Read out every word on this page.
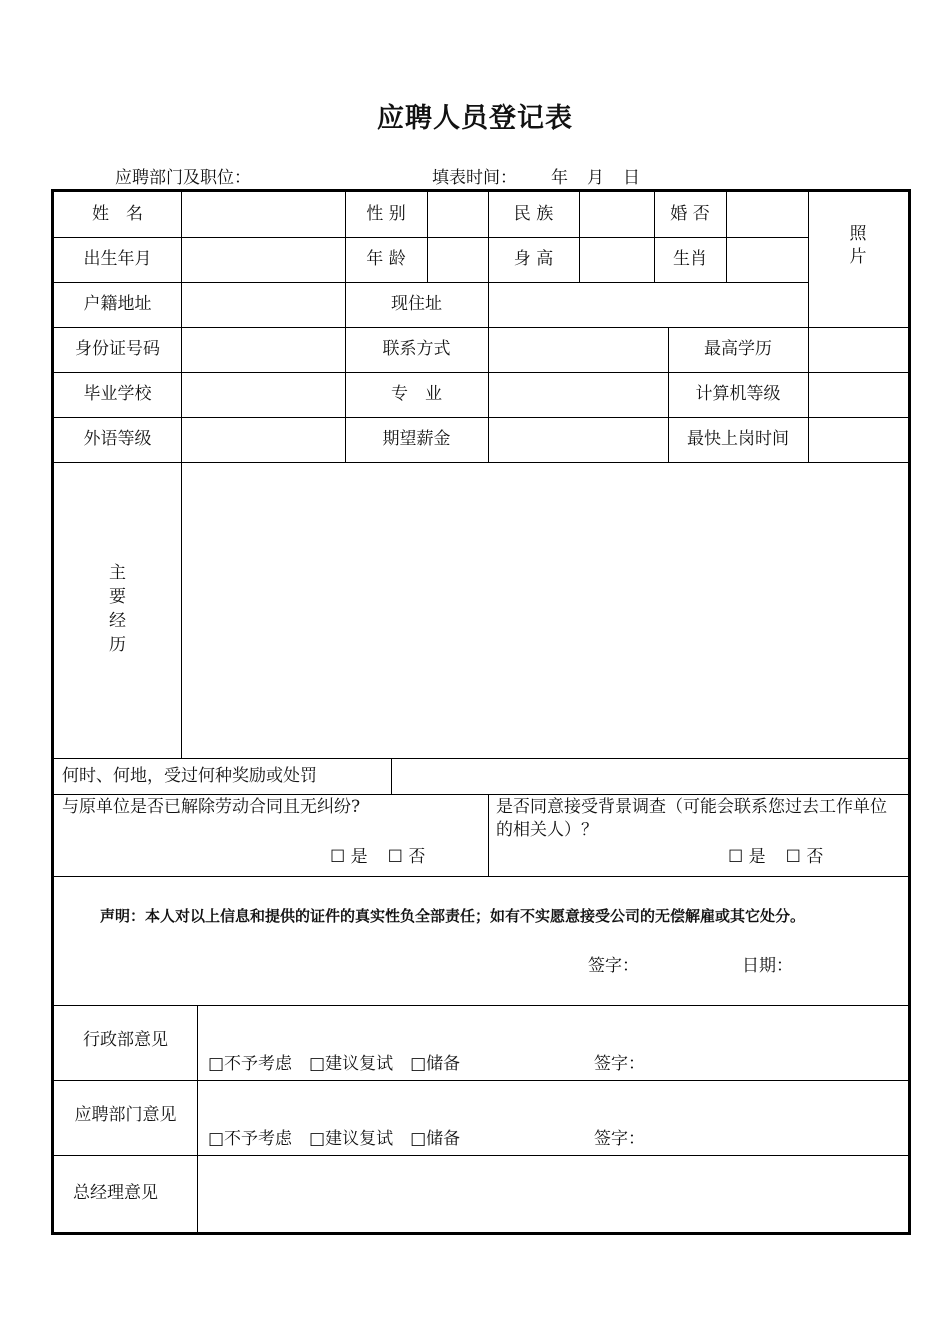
应聘人员登记表
应聘部门及职位：	填表时间： 年　月　日
姓　名	性 别	民 族	婚 否
照片
出生年月	年 龄	身 高	生肖
户籍地址	现住址
身份证号码	联系方式	最高学历
毕业学校	专　业	计算机等级
外语等级	期望薪金	最快上岗时间
主要经历
何时、何地，受过何种奖励或处罚
与原单位是否已解除劳动合同且无纠纷?
☐ 是 ☐ 否
是否同意接受背景调查（可能会联系您过去工作单位的相关人）？
☐ 是 ☐ 否
声明： 本人对以上信息和提供的证件的真实性负全部责任；如有不实愿意接受公司的无偿解雇或其它处分。
签字：	日期：
行政部意见
□不予考虑　□建议复试　□储备	签字：
应聘部门意见
□不予考虑　□建议复试　□储备	签字：
总经理意见
